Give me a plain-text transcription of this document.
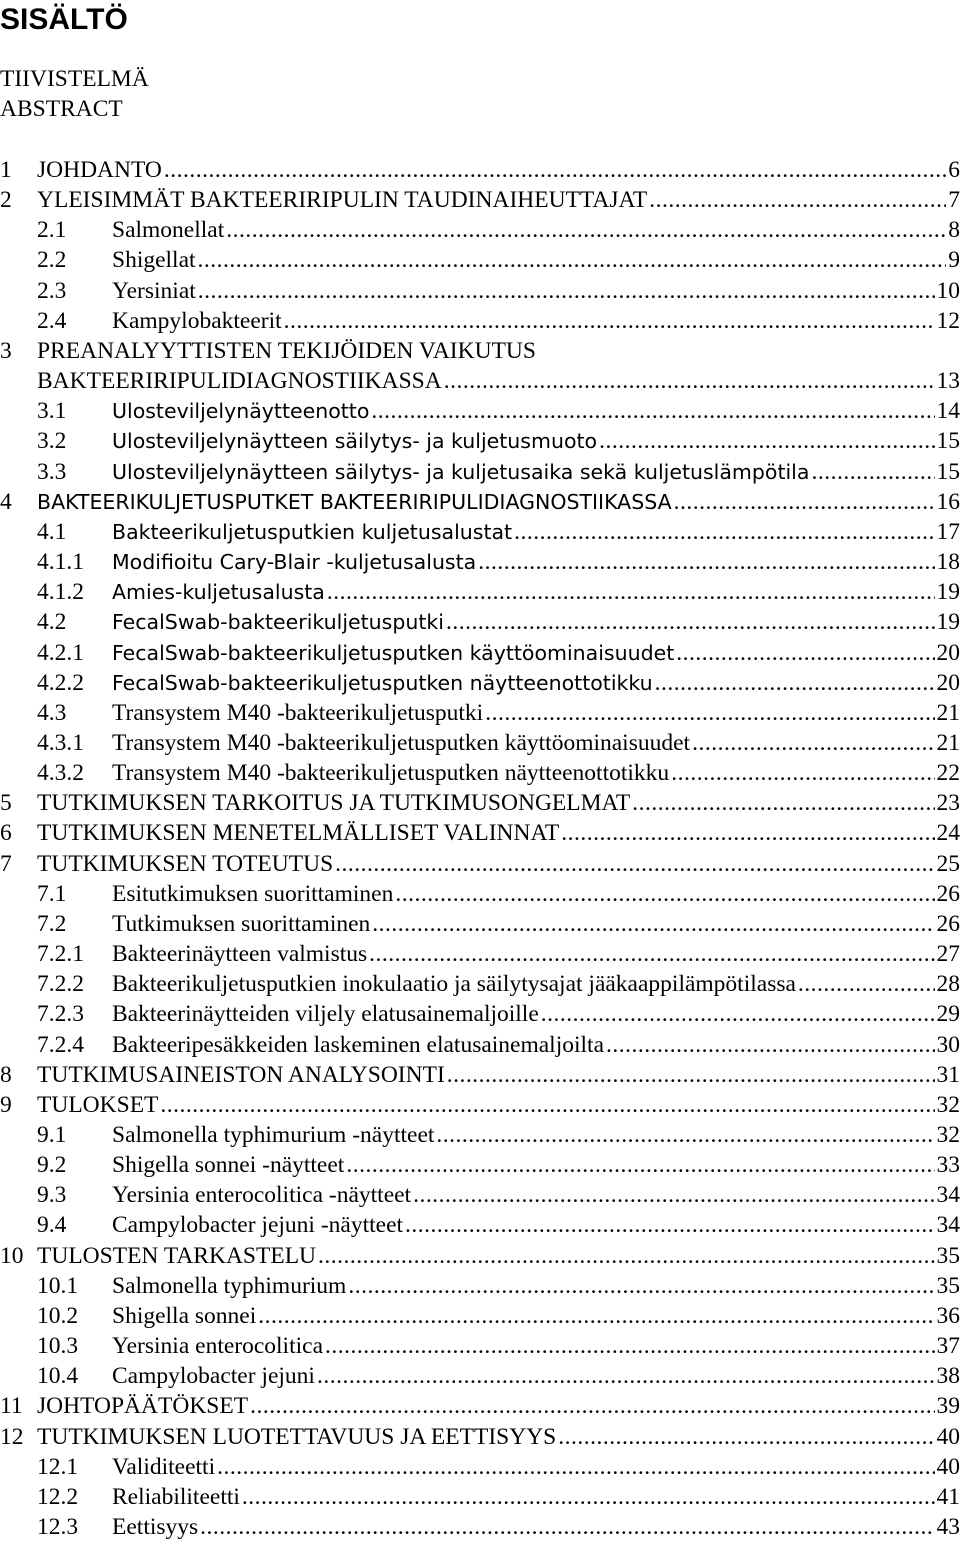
SISÄLTÖ
TIIVISTELMÄ
ABSTRACT
1 JOHDANTO .....	6
2 YLEISIMMÄT BAKTEERIRIPULIN TAUDINAIHEUTTAJAT .....	7
2.1 Salmonellat .....	8
2.2 Shigellat .....	9
2.3 Yersiniat .....	10
2.4 Kampylobakteerit .....	12
3 PREANALYYTTISTEN TEKIJÖIDEN VAIKUTUS
BAKTEERIRIPULIDIAGNOSTIIKASSA .....	13
3.1 Ulosteviljelynäytteenotto .....	14
3.2 Ulosteviljelynäytteen säilytys- ja kuljetusmuoto .....	15
3.3 Ulosteviljelynäytteen säilytys- ja kuljetusaika sekä kuljetuslämpötila .....	15
4 BAKTEERIKULJETUSPUTKET BAKTEERIRIPULIDIAGNOSTIIKASSA .....	16
4.1 Bakteerikuljetusputkien kuljetusalustat .....	17
4.1.1 Modifioitu Cary-Blair -kuljetusalusta .....	18
4.1.2 Amies-kuljetusalusta .....	19
4.2 FecalSwab-bakteerikuljetusputki .....	19
4.2.1 FecalSwab-bakteerikuljetusputken käyttöominaisuudet .....	20
4.2.2 FecalSwab-bakteerikuljetusputken näytteenottotikku .....	20
4.3 Transystem M40 -bakteerikuljetusputki .....	21
4.3.1 Transystem M40 -bakteerikuljetusputken käyttöominaisuudet .....	21
4.3.2 Transystem M40 -bakteerikuljetusputken näytteenottotikku .....	22
5 TUTKIMUKSEN TARKOITUS JA TUTKIMUSONGELMAT .....	23
6 TUTKIMUKSEN MENETELMÄLLISET VALINNAT .....	24
7 TUTKIMUKSEN TOTEUTUS .....	25
7.1 Esitutkimuksen suorittaminen .....	26
7.2 Tutkimuksen suorittaminen .....	26
7.2.1 Bakteerinäytteen valmistus .....	27
7.2.2 Bakteerikuljetusputkien inokulaatio ja säilytysajat jääkaappilämpötilassa .....	28
7.2.3 Bakteerinäytteiden viljely elatusainemaljoille .....	29
7.2.4 Bakteeripesäkkeiden laskeminen elatusainemaljoilta .....	30
8 TUTKIMUSAINEISTON ANALYSOINTI .....	31
9 TULOKSET .....	32
9.1 Salmonella typhimurium -näytteet .....	32
9.2 Shigella sonnei -näytteet .....	33
9.3 Yersinia enterocolitica -näytteet .....	34
9.4 Campylobacter jejuni -näytteet .....	34
10 TULOSTEN TARKASTELU .....	35
10.1 Salmonella typhimurium .....	35
10.2 Shigella sonnei .....	36
10.3 Yersinia enterocolitica .....	37
10.4 Campylobacter jejuni .....	38
11 JOHTOPÄÄTÖKSET .....	39
12 TUTKIMUKSEN LUOTETTAVUUS JA EETTISYYS .....	40
12.1 Validiteetti .....	40
12.2 Reliabiliteetti .....	41
12.3 Eettisyys .....	43
